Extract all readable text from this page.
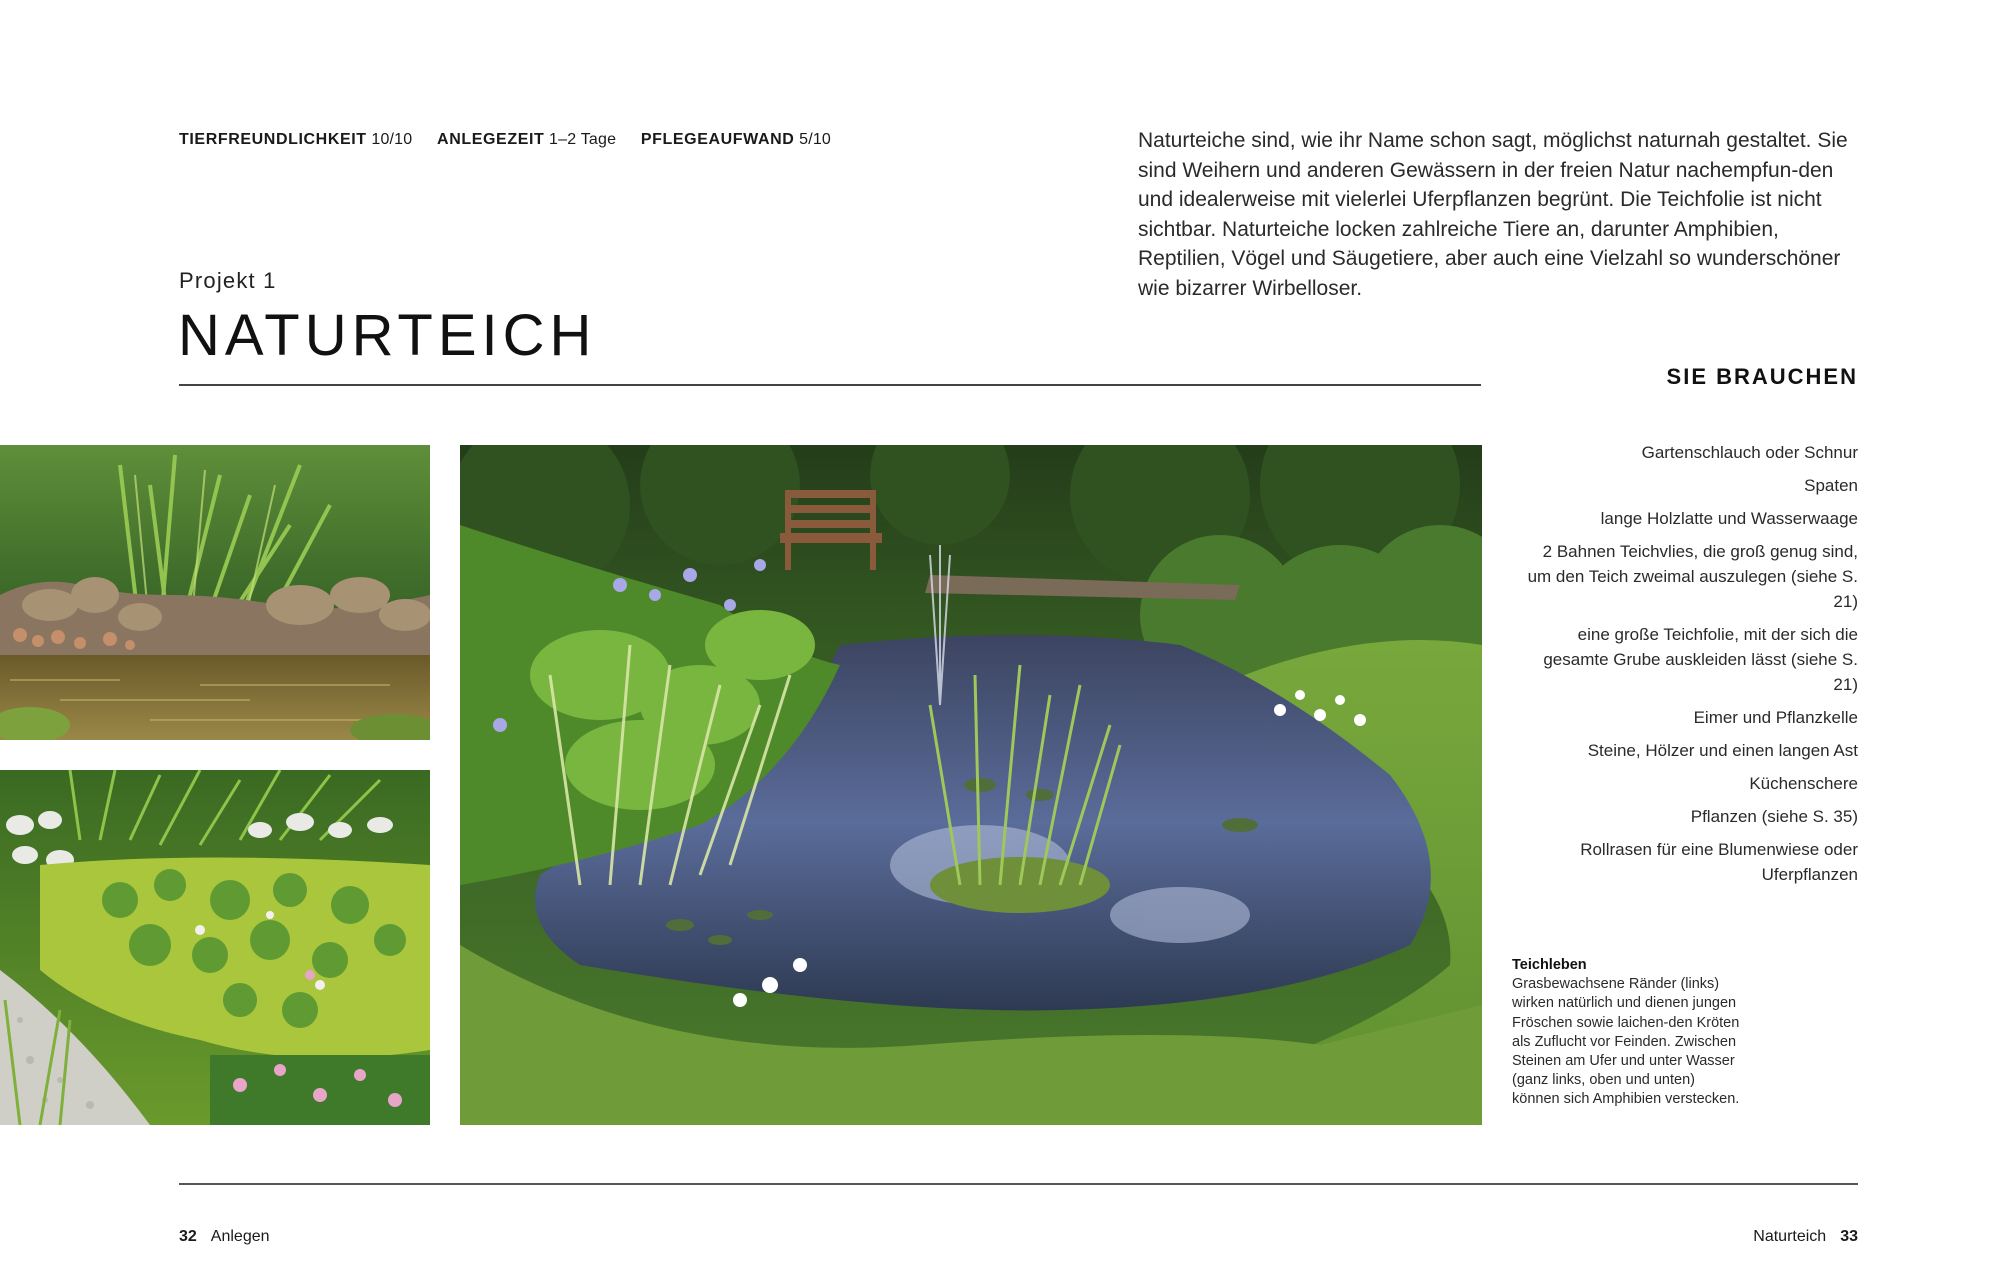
TIERFREUNDLICHKEIT 10/10 ANLEGEZEIT 1–2 Tage PFLEGEAUFWAND 5/10
Projekt 1
NATURTEICH

Naturteiche sind, wie ihr Name schon sagt, möglichst naturnah gestaltet. Sie sind Weihern und anderen Gewässern in der freien Natur nachempfun-den und idealerweise mit vielerlei Uferpflanzen begrünt. Die Teichfolie ist nicht sichtbar. Naturteiche locken zahlreiche Tiere an, darunter Amphibien, Reptilien, Vögel und Säugetiere, aber auch eine Vielzahl so wunderschöner wie bizarrer Wirbelloser.

SIE BRAUCHEN
Gartenschlauch oder Schnur
Spaten
lange Holzlatte und Wasserwaage
2 Bahnen Teichvlies, die groß genug sind, um den Teich zweimal auszulegen (siehe S. 21)
eine große Teichfolie, mit der sich die gesamte Grube auskleiden lässt (siehe S. 21)
Eimer und Pflanzkelle
Steine, Hölzer und einen langen Ast
Küchenschere
Pflanzen (siehe S. 35)
Rollrasen für eine Blumenwiese oder Uferpflanzen
Teichleben
Grasbewachsene Ränder (links) wirken natürlich und dienen jungen Fröschen sowie laichen-den Kröten als Zuflucht vor Feinden. Zwischen Steinen am Ufer und unter Wasser (ganz links, oben und unten) können sich Amphibien verstecken.
32 Anlegen	Naturteich 33
